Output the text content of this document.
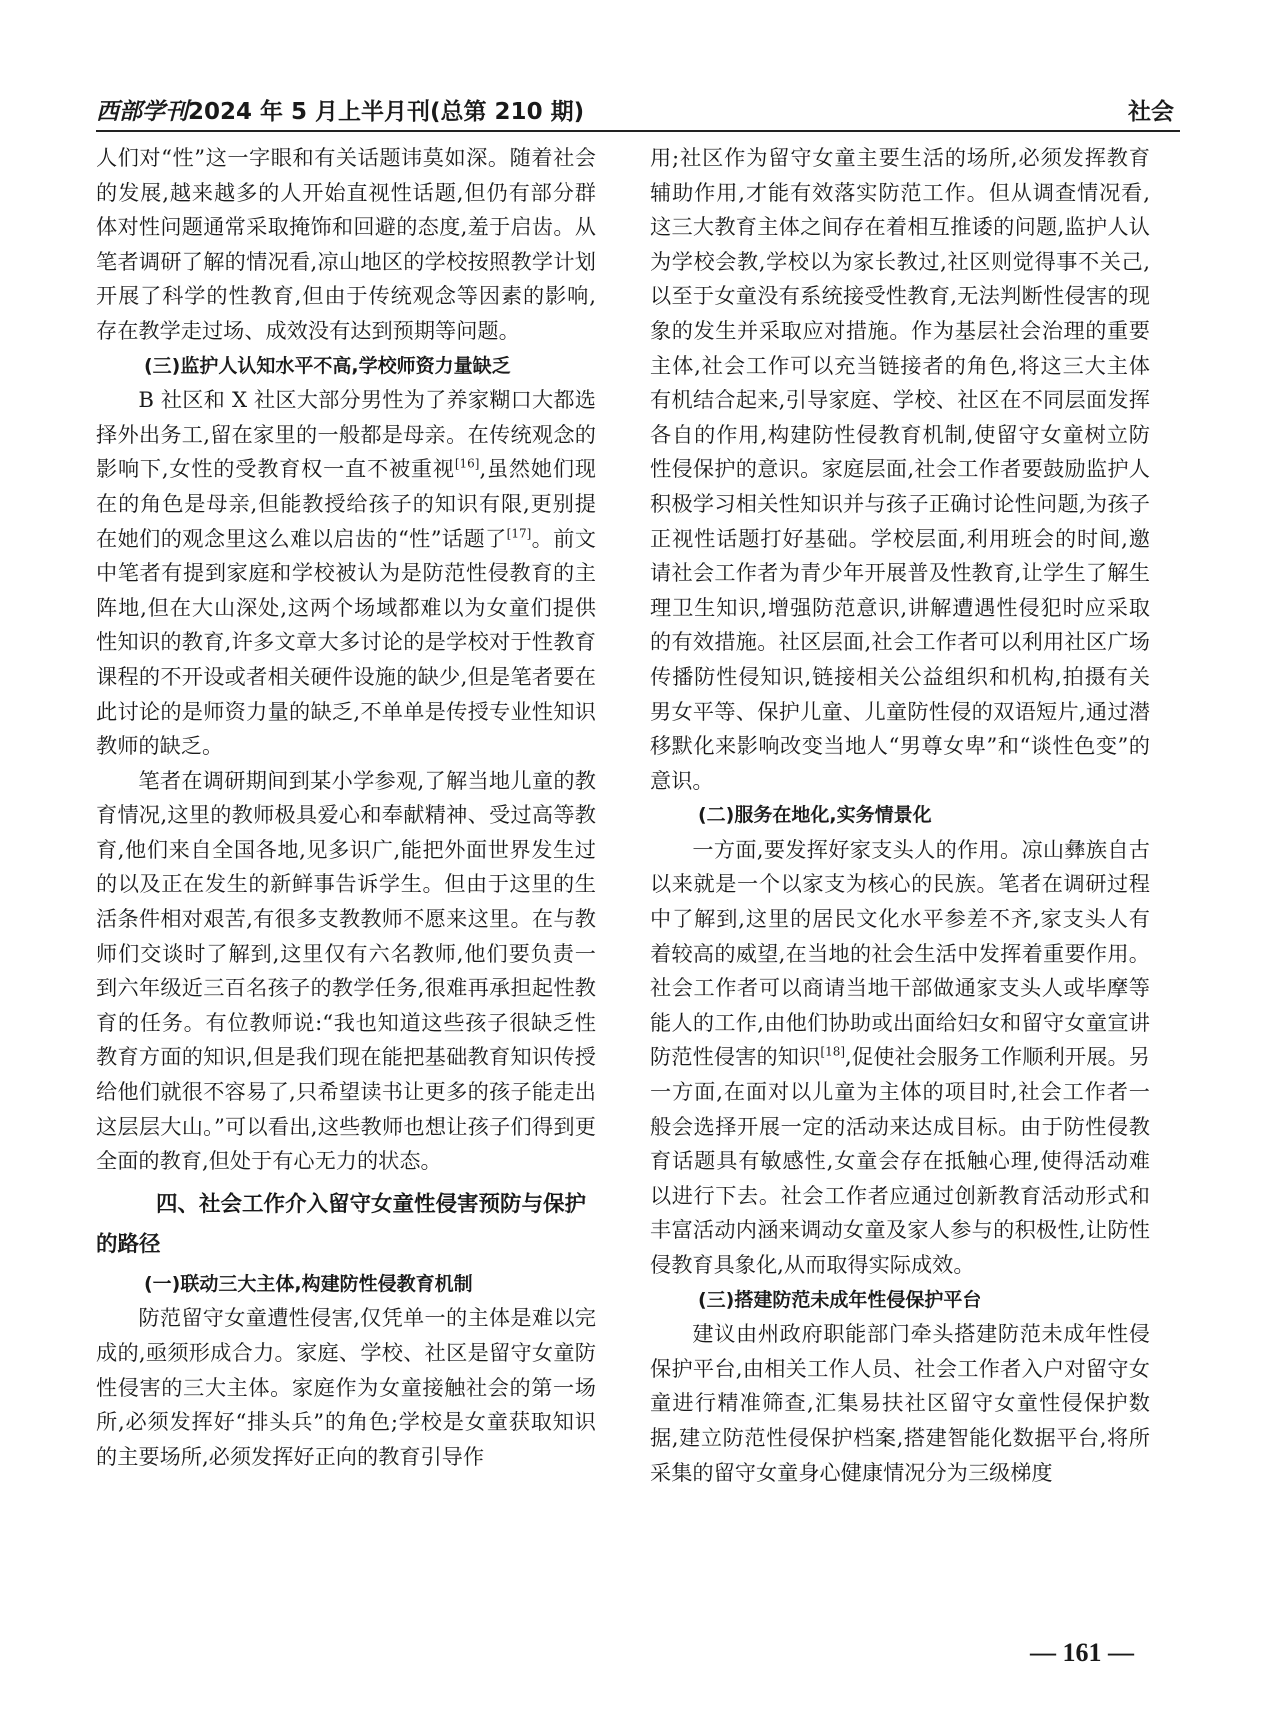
西部学刊2024 年 5 月上半月刊(总第 210 期)	社会

人们对“性”这一字眼和有关话题讳莫如深。随着社会的发展,越来越多的人开始直视性话题,但仍有部分群体对性问题通常采取掩饰和回避的态度,羞于启齿。从笔者调研了解的情况看,凉山地区的学校按照教学计划开展了科学的性教育,但由于传统观念等因素的影响,存在教学走过场、成效没有达到预期等问题。

(三)监护人认知水平不高,学校师资力量缺乏

B 社区和 X 社区大部分男性为了养家糊口大都选择外出务工,留在家里的一般都是母亲。在传统观念的影响下,女性的受教育权一直不被重视[16],虽然她们现在的角色是母亲,但能教授给孩子的知识有限,更别提在她们的观念里这么难以启齿的“性”话题了[17]。前文中笔者有提到家庭和学校被认为是防范性侵教育的主阵地,但在大山深处,这两个场域都难以为女童们提供性知识的教育,许多文章大多讨论的是学校对于性教育课程的不开设或者相关硬件设施的缺少,但是笔者要在此讨论的是师资力量的缺乏,不单单是传授专业性知识教师的缺乏。

笔者在调研期间到某小学参观,了解当地儿童的教育情况,这里的教师极具爱心和奉献精神、受过高等教育,他们来自全国各地,见多识广,能把外面世界发生过的以及正在发生的新鲜事告诉学生。但由于这里的生活条件相对艰苦,有很多支教教师不愿来这里。在与教师们交谈时了解到,这里仅有六名教师,他们要负责一到六年级近三百名孩子的教学任务,很难再承担起性教育的任务。有位教师说:“我也知道这些孩子很缺乏性教育方面的知识,但是我们现在能把基础教育知识传授给他们就很不容易了,只希望读书让更多的孩子能走出这层层大山。”可以看出,这些教师也想让孩子们得到更全面的教育,但处于有心无力的状态。

四、社会工作介入留守女童性侵害预防与保护的路径

(一)联动三大主体,构建防性侵教育机制

防范留守女童遭性侵害,仅凭单一的主体是难以完成的,亟须形成合力。家庭、学校、社区是留守女童防性侵害的三大主体。家庭作为女童接触社会的第一场所,必须发挥好“排头兵”的角色;学校是女童获取知识的主要场所,必须发挥好正向的教育引导作

用;社区作为留守女童主要生活的场所,必须发挥教育辅助作用,才能有效落实防范工作。但从调查情况看,这三大教育主体之间存在着相互推诿的问题,监护人认为学校会教,学校以为家长教过,社区则觉得事不关己,以至于女童没有系统接受性教育,无法判断性侵害的现象的发生并采取应对措施。作为基层社会治理的重要主体,社会工作可以充当链接者的角色,将这三大主体有机结合起来,引导家庭、学校、社区在不同层面发挥各自的作用,构建防性侵教育机制,使留守女童树立防性侵保护的意识。家庭层面,社会工作者要鼓励监护人积极学习相关性知识并与孩子正确讨论性问题,为孩子正视性话题打好基础。学校层面,利用班会的时间,邀请社会工作者为青少年开展普及性教育,让学生了解生理卫生知识,增强防范意识,讲解遭遇性侵犯时应采取的有效措施。社区层面,社会工作者可以利用社区广场传播防性侵知识,链接相关公益组织和机构,拍摄有关男女平等、保护儿童、儿童防性侵的双语短片,通过潜移默化来影响改变当地人“男尊女卑”和“谈性色变”的意识。

(二)服务在地化,实务情景化

一方面,要发挥好家支头人的作用。凉山彝族自古以来就是一个以家支为核心的民族。笔者在调研过程中了解到,这里的居民文化水平参差不齐,家支头人有着较高的威望,在当地的社会生活中发挥着重要作用。社会工作者可以商请当地干部做通家支头人或毕摩等能人的工作,由他们协助或出面给妇女和留守女童宣讲防范性侵害的知识[18],促使社会服务工作顺利开展。另一方面,在面对以儿童为主体的项目时,社会工作者一般会选择开展一定的活动来达成目标。由于防性侵教育话题具有敏感性,女童会存在抵触心理,使得活动难以进行下去。社会工作者应通过创新教育活动形式和丰富活动内涵来调动女童及家人参与的积极性,让防性侵教育具象化,从而取得实际成效。

(三)搭建防范未成年性侵保护平台

建议由州政府职能部门牵头搭建防范未成年性侵保护平台,由相关工作人员、社会工作者入户对留守女童进行精准筛查,汇集易扶社区留守女童性侵保护数据,建立防范性侵保护档案,搭建智能化数据平台,将所采集的留守女童身心健康情况分为三级梯度

— 161 —
